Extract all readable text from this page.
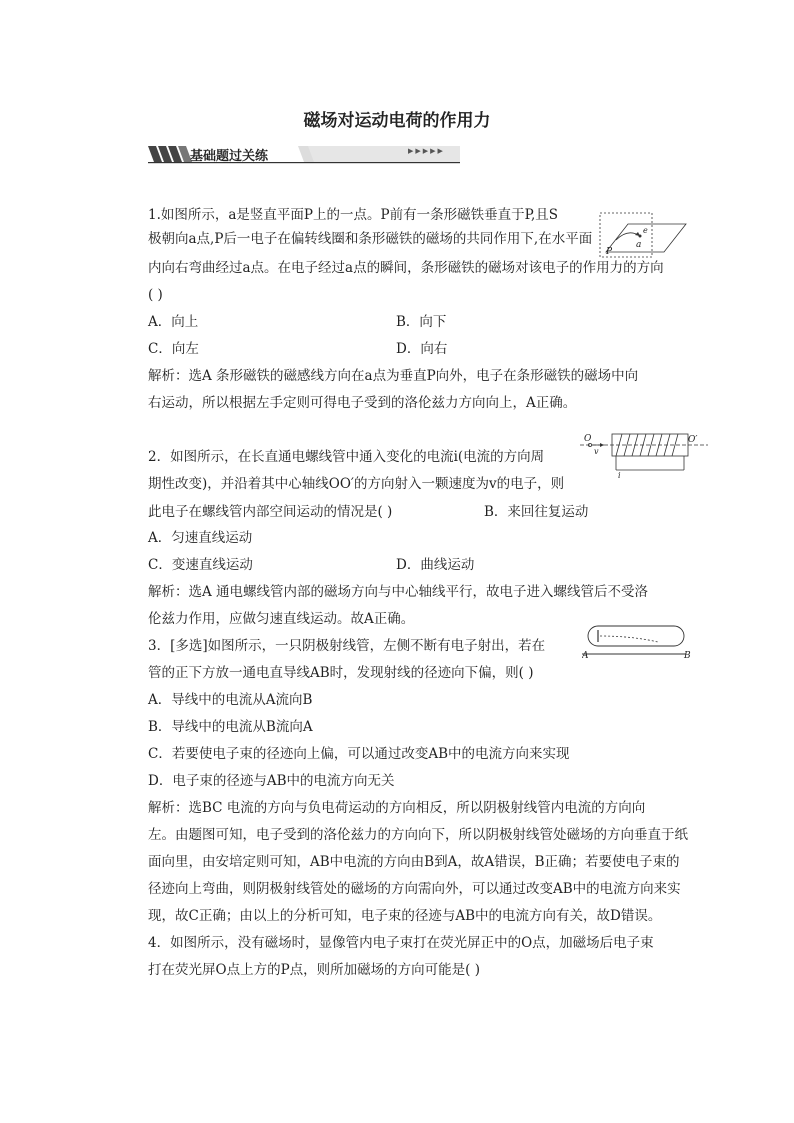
磁场对运动电荷的作用力
基础题过关练	▶▶▶▶▶
1.如图所示，a是竖直平面P上的一点。P前有一条形磁铁垂直于P,且S
极朝向a点,P后一电子在偏转线圈和条形磁铁的磁场的共同作用下,在水平面
内向右弯曲经过a点。在电子经过a点的瞬间，条形磁铁的磁场对该电子的作用力的方向
( )
A．向上	B．向下
C．向左	D．向右
解析：选A 条形磁铁的磁感线方向在a点为垂直P向外，电子在条形磁铁的磁场中向
右运动，所以根据左手定则可得电子受到的洛伦兹力方向向上，A正确。
e
a
P
2．如图所示，在长直通电螺线管中通入变化的电流i(电流的方向周
期性改变)，并沿着其中心轴线OO′的方向射入一颗速度为v的电子，则
此电子在螺线管内部空间运动的情况是( )
A．匀速直线运动
B．来回往复运动
C．变速直线运动	D．曲线运动
解析：选A 通电螺线管内部的磁场方向与中心轴线平行，故电子进入螺线管后不受洛
伦兹力作用，应做匀速直线运动。故A正确。
O	O′
v
i
3．[多选]如图所示，一只阴极射线管，左侧不断有电子射出，若在
管的正下方放一通电直导线AB时，发现射线的径迹向下偏，则( )
A．导线中的电流从A流向B
B．导线中的电流从B流向A
C．若要使电子束的径迹向上偏，可以通过改变AB中的电流方向来实现
D．电子束的径迹与AB中的电流方向无关
解析：选BC 电流的方向与负电荷运动的方向相反，所以阴极射线管内电流的方向向
左。由题图可知，电子受到的洛伦兹力的方向向下，所以阴极射线管处磁场的方向垂直于纸
面向里，由安培定则可知，AB中电流的方向由B到A，故A错误，B正确；若要使电子束的
径迹向上弯曲，则阴极射线管处的磁场的方向需向外，可以通过改变AB中的电流方向来实
现，故C正确；由以上的分析可知，电子束的径迹与AB中的电流方向有关，故D错误。
A	B
4．如图所示，没有磁场时，显像管内电子束打在荧光屏正中的O点，加磁场后电子束
打在荧光屏O点上方的P点，则所加磁场的方向可能是( )
